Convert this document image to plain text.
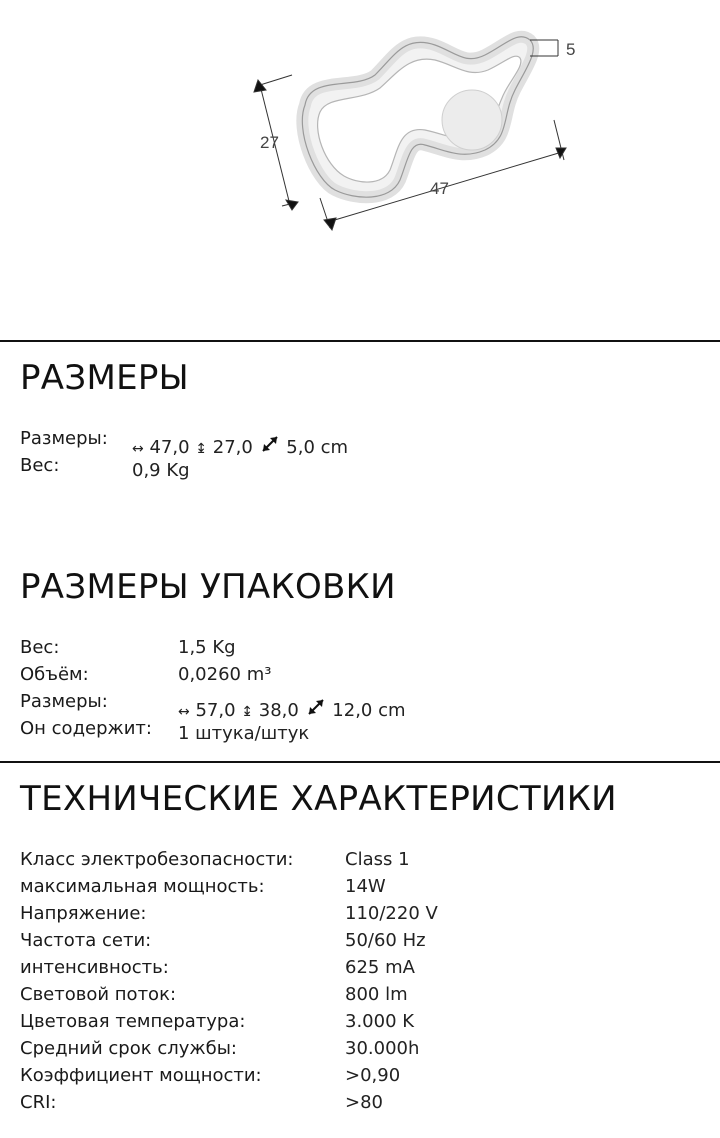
27
47
5
РАЗМЕРЫ
Размеры: ↔ 47,0 ↨ 27,0 5,0 cm
Вес:	0,9 Kg
РАЗМЕРЫ УПАКОВКИ
Вес:	1,5 Kg
Объём:	0,0260 m³
Размеры:	↔ 57,0 ↨ 38,0 12,0 cm
Он содержит: 1 штука/штук
ТЕХНИЧЕСКИЕ ХАРАКТЕРИСТИКИ
Класс электробезопасности:	Class 1
максимальная мощность:	14W
Напряжение:	110/220 V
Частота сети:	50/60 Hz
интенсивность:	625 mA
Световой поток:	800 lm
Цветовая температура:	3.000 K
Средний срок службы:	30.000h
Коэффициент мощности:	>0,90
CRI:	>80
